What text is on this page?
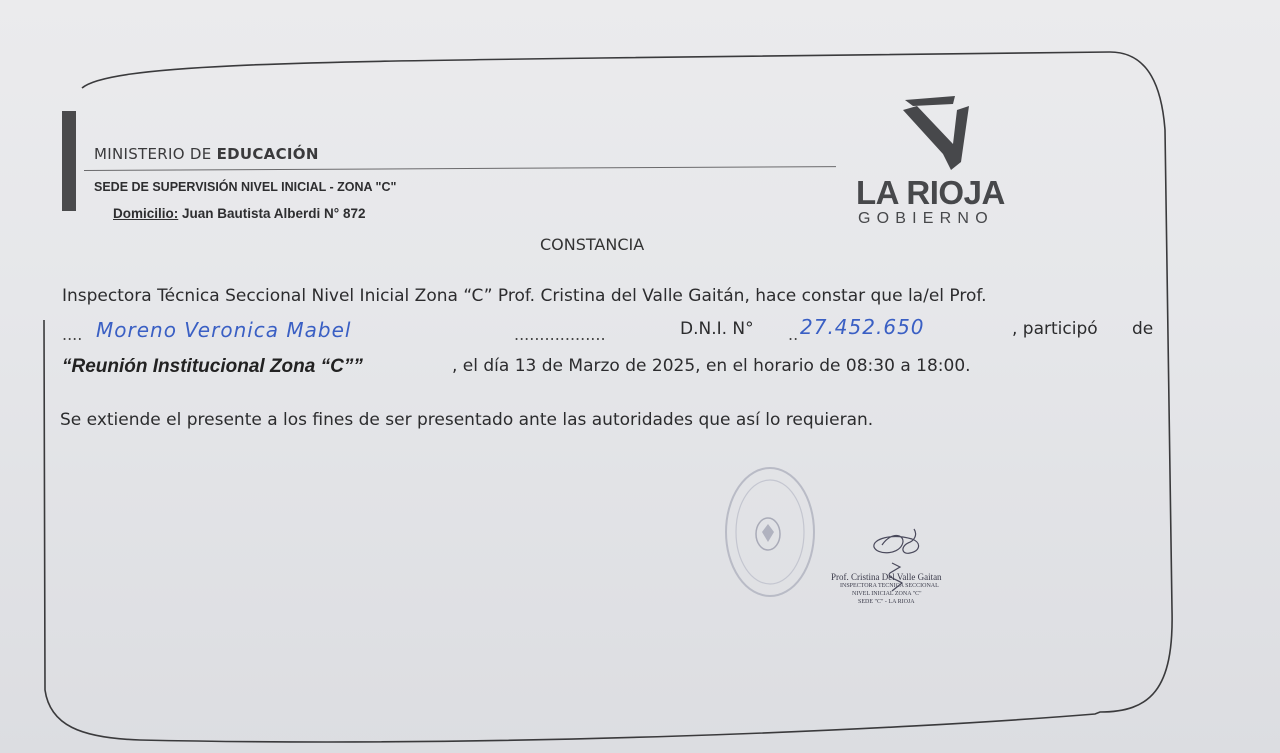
MINISTERIO DE EDUCACIÓN
SEDE DE SUPERVISIÓN NIVEL INICIAL - ZONA "C"
Domicilio: Juan Bautista Alberdi N° 872
LA RIOJA
GOBIERNO
CONSTANCIA
Inspectora Técnica Seccional Nivel Inicial Zona “C” Prof. Cristina del Valle Gaitán, hace constar que la/el Prof.
.... Moreno Veronica Mabel	..................	D.N.I. N° .. 27.452.650	, participó de
“Reunión Institucional Zona “C””	, el día 13 de Marzo de 2025, en el horario de 08:30 a 18:00.
Se extiende el presente a los fines de ser presentado ante las autoridades que así lo requieran.
Prof. Cristina Del Valle Gaitan
INSPECTORA TECNICA SECCIONAL
NIVEL INICIAL ZONA "C"
SEDE "C" - LA RIOJA
